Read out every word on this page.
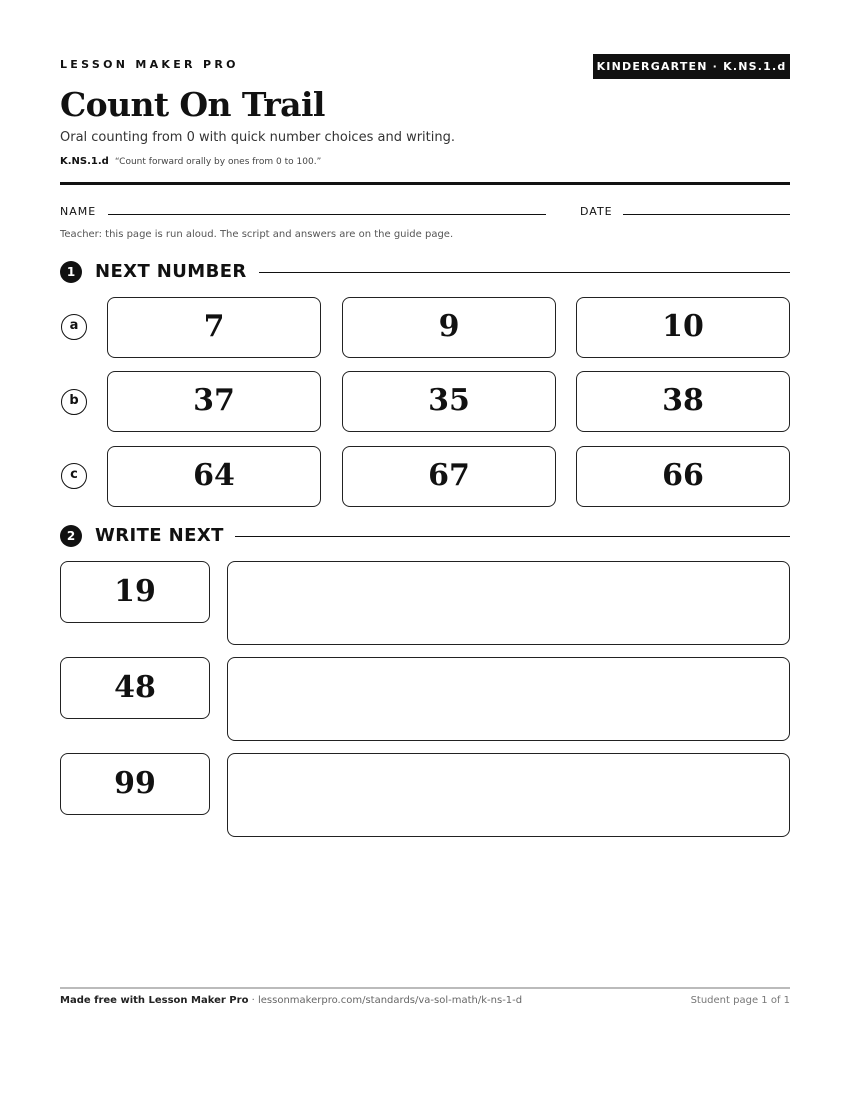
LESSON MAKER PRO	KINDERGARTEN · K.NS.1.d
Count On Trail
Oral counting from 0 with quick number choices and writing.
K.NS.1.d “Count forward orally by ones from 0 to 100.”
NAME	DATE
Teacher: this page is run aloud. The script and answers are on the guide page.
1	NEXT NUMBER
a	7	9	10
b	37	35	38
c	64	67	66
2	WRITE NEXT
19
48
99
Made free with Lesson Maker Pro · lessonmakerpro.com/standards/va-sol-math/k-ns-1-d	Student page 1 of 1
